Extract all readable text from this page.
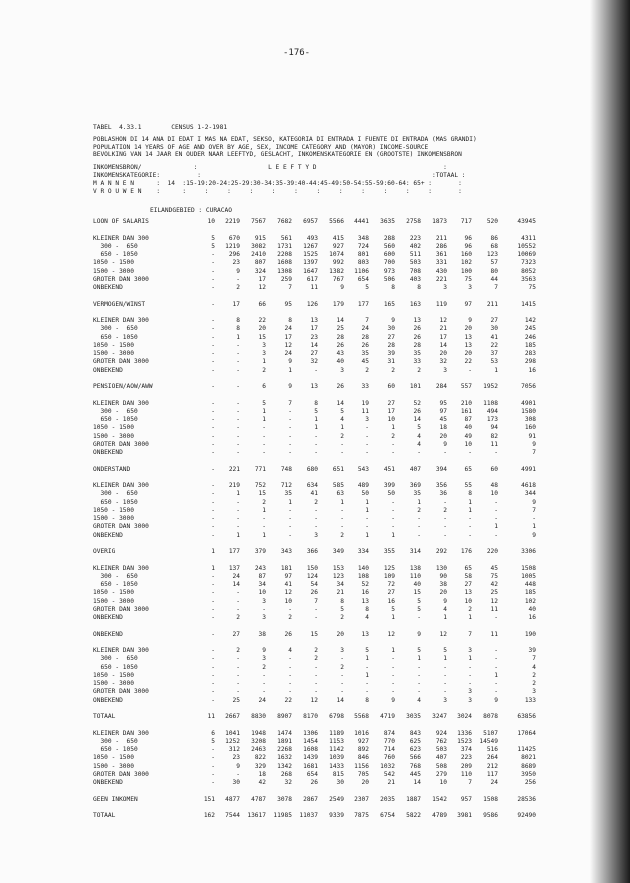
-176-
TABEL  4.33.1        CENSUS 1-2-1981
POBLASHON DI 14 ANA DI EDAT I MAS NA EDAT, SEKSO, KATEGORIA DI ENTRADA I FUENTE DI ENTRADA (MAS GRANDI)
POPULATION 14 YEARS OF AGE AND OVER BY AGE, SEX, INCOME CATEGORY AND (MAYOR) INCOME-SOURCE
BEVOLKING VAN 14 JAAR EN OUDER NAAR LEEFTYD, GESLACHT, INKOMENSKATEGORIE EN (GROOTSTE) INKOMENSBRON
INKOMENSBRON/              :                   L E E F T Y D                                  :
INKOMENSKATEGORIE:          :                                                              :TOTAAL :
M A N N E N      :  14  :15-19:20-24:25-29:30-34:35-39:40-44:45-49:50-54:55-59:60-64: 65+ :       :
V R O U W E N    :      :     :     :     :     :     :     :     :     :     :     :     :       :
EILANDGEBIED : CURACAO
LOON OF SALARIS	10	2219	7567	7682	6957	5566	4441	3635	2758	1873	717	520	43945
KLEINER DAN 300	5	670	915	561	493	415	348	288	223	211	96	86	4311
300 -  650	5	1219	3082	1731	1267	927	724	560	402	286	96	68	10552
650 - 1050	-	296	2410	2208	1525	1074	801	600	511	361	160	123	10069
1050 - 1500	-	23	807	1608	1397	992	803	700	503	331	102	57	7323
1500 - 3000	-	9	324	1308	1647	1382	1106	973	708	430	100	80	8052
GROTER DAN 3000	-	-	17	259	617	767	654	506	403	221	75	44	3563
ONBEKEND	-	2	12	7	11	9	5	8	8	3	3	7	75
VERMOGEN/WINST	-	17	66	95	126	179	177	165	163	119	97	211	1415
KLEINER DAN 300	-	8	22	8	13	14	7	9	13	12	9	27	142
300 -  650	-	8	20	24	17	25	24	30	26	21	20	30	245
650 - 1050	-	1	15	17	23	28	28	27	26	17	13	41	246
1050 - 1500	-	-	3	12	14	26	26	28	28	14	13	22	185
1500 - 3000	-	-	3	24	27	43	35	39	35	20	20	37	283
GROTER DAN 3000	-	-	1	9	32	40	45	31	33	32	22	53	298
ONBEKEND	-	-	2	1	-	3	2	2	2	3	-	1	16
PENSIOEN/AOW/AWW	-	-	6	9	13	26	33	60	101	284	557	1952	7056
KLEINER DAN 300	-	-	5	7	8	14	19	27	52	95	210	1108	4901
300 -  650	-	-	1	-	5	5	11	17	26	97	161	494	1580
650 - 1050	-	-	1	-	1	4	3	10	14	45	87	173	308
1050 - 1500	-	-	-	-	1	1	-	1	5	18	40	94	160
1500 - 3000	-	-	-	-	-	2	-	2	4	20	49	82	91
GROTER DAN 3000	-	-	-	-	-	-	-	-	4	9	10	11	9
ONBEKEND	-	-	-	-	-	-	-	-	-	-	-	-	7
ONDERSTAND	-	221	771	748	680	651	543	451	407	394	65	60	4991
KLEINER DAN 300	-	219	752	712	634	585	489	399	369	356	55	48	4618
300 -  650	-	1	15	35	41	63	50	50	35	36	8	10	344
650 - 1050	-	-	2	1	2	1	1	-	1	-	1	-	9
1050 - 1500	-	-	1	-	-	-	1	-	2	2	1	-	7
1500 - 3000	-	-	-	-	-	-	-	-	-	-	-	-	-
GROTER DAN 3000	-	-	-	-	-	-	-	-	-	-	-	1	1
ONBEKEND	-	1	1	-	3	2	1	1	-	-	-	-	9
OVERIG	1	177	379	343	366	349	334	355	314	292	176	220	3306
KLEINER DAN 300	1	137	243	181	150	153	140	125	138	130	65	45	1508
300 -  650	-	24	87	97	124	123	108	109	110	90	58	75	1005
650 - 1050	-	14	34	41	54	34	52	72	40	38	27	42	448
1050 - 1500	-	-	10	12	26	21	16	27	15	20	13	25	185
1500 - 3000	-	-	3	10	7	8	13	16	5	9	10	12	102
GROTER DAN 3000	-	-	-	-	-	5	8	5	5	4	2	11	40
ONBEKEND	-	2	3	2	-	2	4	1	-	1	1	-	16
ONBEKEND	-	27	38	26	15	20	13	12	9	12	7	11	190
KLEINER DAN 300	-	2	9	4	2	3	5	1	5	5	3	-	39
300 -  650	-	-	3	-	2	-	1	-	1	1	1	-	7
650 - 1050	-	-	2	-	-	2	-	-	-	-	-	-	4
1050 - 1500	-	-	-	-	-	-	1	-	-	-	-	1	2
1500 - 3000	-	-	-	-	-	-	-	-	-	-	-	-	2
GROTER DAN 3000	-	-	-	-	-	-	-	-	-	-	3	-	3
ONBEKEND	-	25	24	22	12	14	8	9	4	3	3	9	133
TOTAAL	11	2667	8830	8907	8170	6798	5568	4719	3035	3247	3024	8078	63856
KLEINER DAN 300	6	1041	1948	1474	1306	1189	1016	874	843	924	1336	5107	17064
300 -  650	5	1252	3208	1891	1454	1153	927	770	625	762	1523	14549
650 - 1050	-	312	2463	2268	1608	1142	892	714	623	503	374	516	11425
1050 - 1500	-	23	822	1632	1439	1039	846	760	566	407	223	264	8021
1500 - 3000	-	9	329	1342	1681	1433	1156	1032	768	508	209	212	8689
GROTER DAN 3000	-	-	18	268	654	815	705	542	445	279	110	117	3950
ONBEKEND	-	30	42	32	26	30	20	21	14	10	7	24	256
GEEN INKOMEN	151	4877	4787	3078	2867	2549	2307	2035	1887	1542	957	1508	28536
TOTAAL	162	7544	13617	11985	11037	9339	7875	6754	5822	4789	3981	9586	92490
